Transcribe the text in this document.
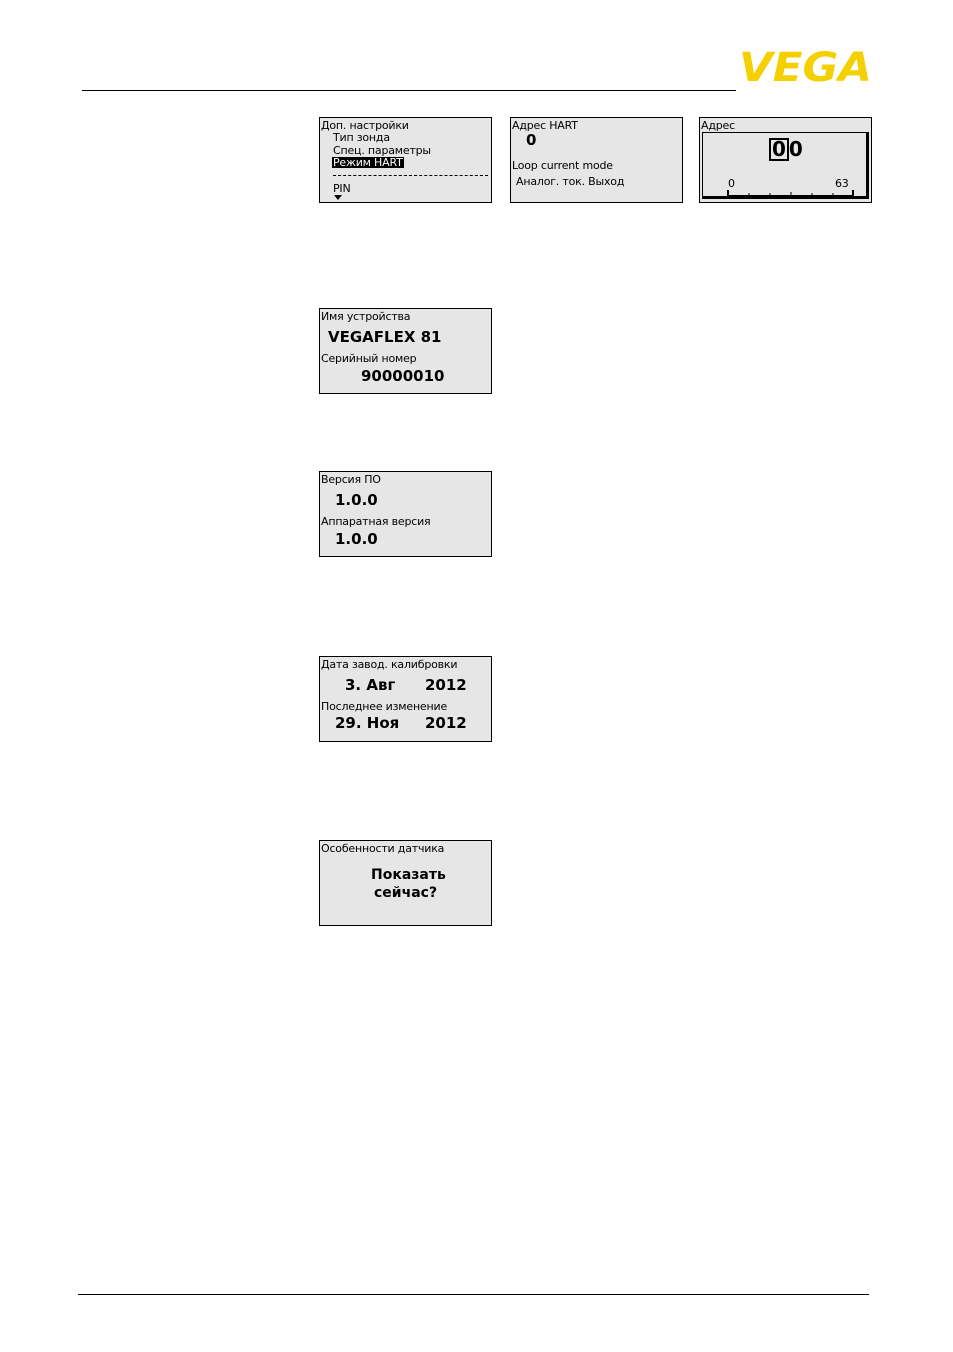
VEGA
Доп. настройки
Тип зонда
Спец. параметры
Режим HART
PIN
Адрес HART
0
Loop current mode
Аналог. ток. Выход
Адрес
0 0
0	63
Имя устройства
VEGAFLEX 81
Серийный номер
90000010
Версия ПО
1.0.0
Аппаратная версия
1.0.0
Дата завод. калибровки
3. Авг 2012
Последнее изменение
29. Ноя 2012
Особенности датчика
Показать
сейчас?
